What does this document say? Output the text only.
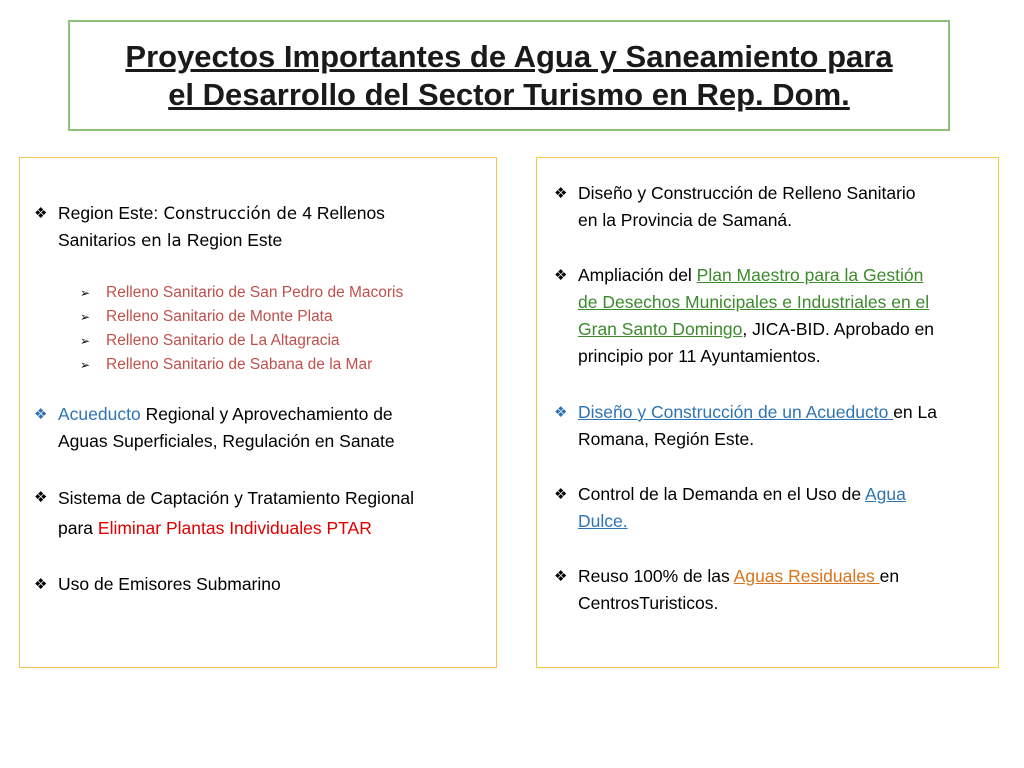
Proyectos Importantes de Agua y Saneamiento para
el Desarrollo del Sector Turismo en Rep. Dom.
❖ Region Este: Construcción de 4 Rellenos
Sanitarios en la Region Este
➢ Relleno Sanitario de San Pedro de Macoris
➢ Relleno Sanitario de Monte Plata
➢ Relleno Sanitario de La Altagracia
➢ Relleno Sanitario de Sabana de la Mar
❖ Acueducto Regional y Aprovechamiento de
Aguas Superficiales, Regulación en Sanate
❖ Sistema de Captación y Tratamiento Regional
para Eliminar Plantas Individuales PTAR
❖ Uso de Emisores Submarino
❖ Diseño y Construcción de Relleno Sanitario
en la Provincia de Samaná.
❖ Ampliación del Plan Maestro para la Gestión
de Desechos Municipales e Industriales en el
Gran Santo Domingo, JICA-BID. Aprobado en
principio por 11 Ayuntamientos.
❖ Diseño y Construcción de un Acueducto en La
Romana, Región Este.
❖ Control de la Demanda en el Uso de Agua
Dulce.
❖ Reuso 100% de las Aguas Residuales en
CentrosTuristicos.
